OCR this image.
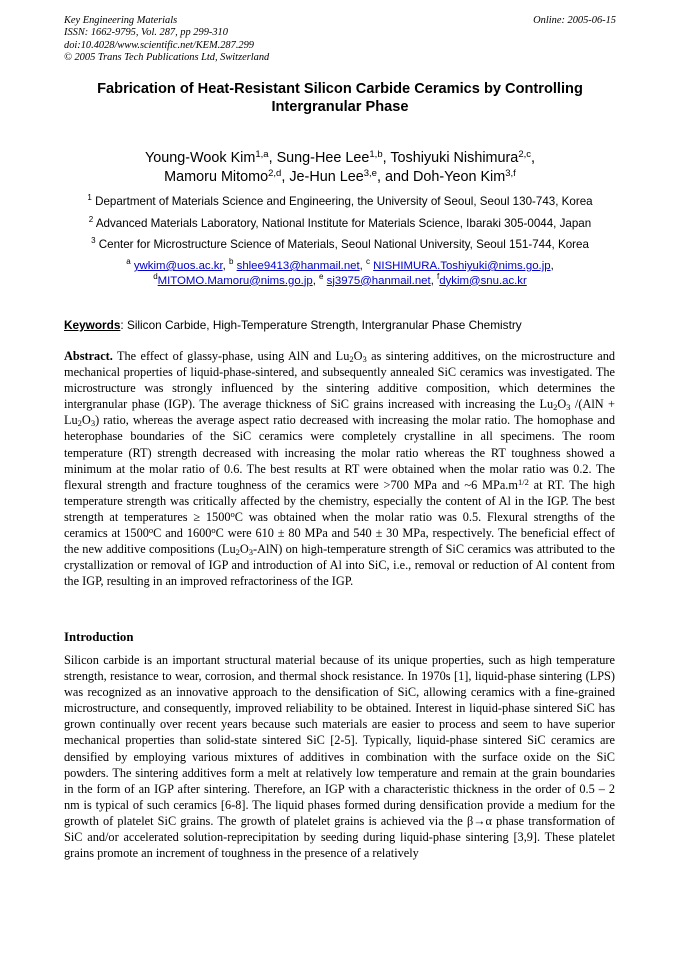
Key Engineering Materials
ISSN: 1662-9795, Vol. 287, pp 299-310
doi:10.4028/www.scientific.net/KEM.287.299
© 2005 Trans Tech Publications Ltd, Switzerland
Online: 2005-06-15
Fabrication of Heat-Resistant Silicon Carbide Ceramics by Controlling
Intergranular Phase
Young-Wook Kim$^{1,a}$, Sung-Hee Lee$^{1,b}$, Toshiyuki Nishimura$^{2,c}$,
Mamoru Mitomo$^{2,d}$, Je-Hun Lee$^{3,e}$, and Doh-Yeon Kim$^{3,f}$
$^1$ Department of Materials Science and Engineering, the University of Seoul, Seoul 130-743, Korea
$^2$ Advanced Materials Laboratory, National Institute for Materials Science, Ibaraki 305-0044, Japan
$^3$ Center for Microstructure Science of Materials, Seoul National University, Seoul 151-744, Korea
$^a$ ywkim@uos.ac.kr, $^b$ shlee9413@hanmail.net, $^c$ NISHIMURA.Toshiyuki@nims.go.jp,
$^d$MITOMO.Mamoru@nims.go.jp, $^e$ sj3975@hanmail.net, $^f$dykim@snu.ac.kr
Keywords: Silicon Carbide, High-Temperature Strength, Intergranular Phase Chemistry
Abstract. The effect of glassy-phase, using AlN and $Lu_2O_3$ as sintering additives, on the microstructure and mechanical properties of liquid-phase-sintered, and subsequently annealed SiC ceramics was investigated. The microstructure was strongly influenced by the sintering additive composition, which determines the intergranular phase (IGP). The average thickness of SiC grains increased with increasing the $Lu_2O_3$ $/(AlN + Lu_2O_3)$ ratio, whereas the average aspect ratio decreased with increasing the molar ratio. The homophase and heterophase boundaries of the SiC ceramics were completely crystalline in all specimens. The room temperature (RT) strength decreased with increasing the molar ratio whereas the RT toughness showed a minimum at the molar ratio of 0.6. The best results at RT were obtained when the molar ratio was 0.2. The flexural strength and fracture toughness of the ceramics were >700 MPa and ~6 $MPa.m^{1/2}$ at RT. The high temperature strength was critically affected by the chemistry, especially the content of Al in the IGP. The best strength at temperatures ≥ $1500^oC$ was obtained when the molar ratio was 0.5. Flexural strengths of the ceramics at 1500$^o$C and 1600$^o$C were 610 ± 80 MPa and 540 ± 30 MPa, respectively. The beneficial effect of the new additive compositions $(Lu_2O_3-AlN)$ on high-temperature strength of SiC ceramics was attributed to the crystallization or removal of IGP and introduction of Al into SiC, i.e., removal or reduction of Al content from the IGP, resulting in an improved refractoriness of the IGP.
Introduction
Silicon carbide is an important structural material because of its unique properties, such as high temperature strength, resistance to wear, corrosion, and thermal shock resistance. In 1970s [1], liquid-phase sintering (LPS) was recognized as an innovative approach to the densification of SiC, allowing ceramics with a fine-grained microstructure, and consequently, improved reliability to be obtained. Interest in liquid-phase sintered SiC has grown continually over recent years because such materials are easier to process and seem to have superior mechanical properties than solid-state sintered SiC [2-5]. Typically, liquid-phase sintered SiC ceramics are densified by employing various mixtures of additives in combination with the surface oxide on the SiC powders. The sintering additives form a melt at relatively low temperature and remain at the grain boundaries in the form of an IGP after sintering. Therefore, an IGP with a characteristic thickness in the order of 0.5 – 2 nm is typical of such ceramics [6-8]. The liquid phases formed during densification provide a medium for the growth of platelet SiC grains. The growth of platelet grains is achieved via the β→α phase transformation of SiC and/or accelerated solution-reprecipitation by seeding during liquid-phase sintering [3,9]. These platelet grains promote an increment of toughness in the presence of a relatively
